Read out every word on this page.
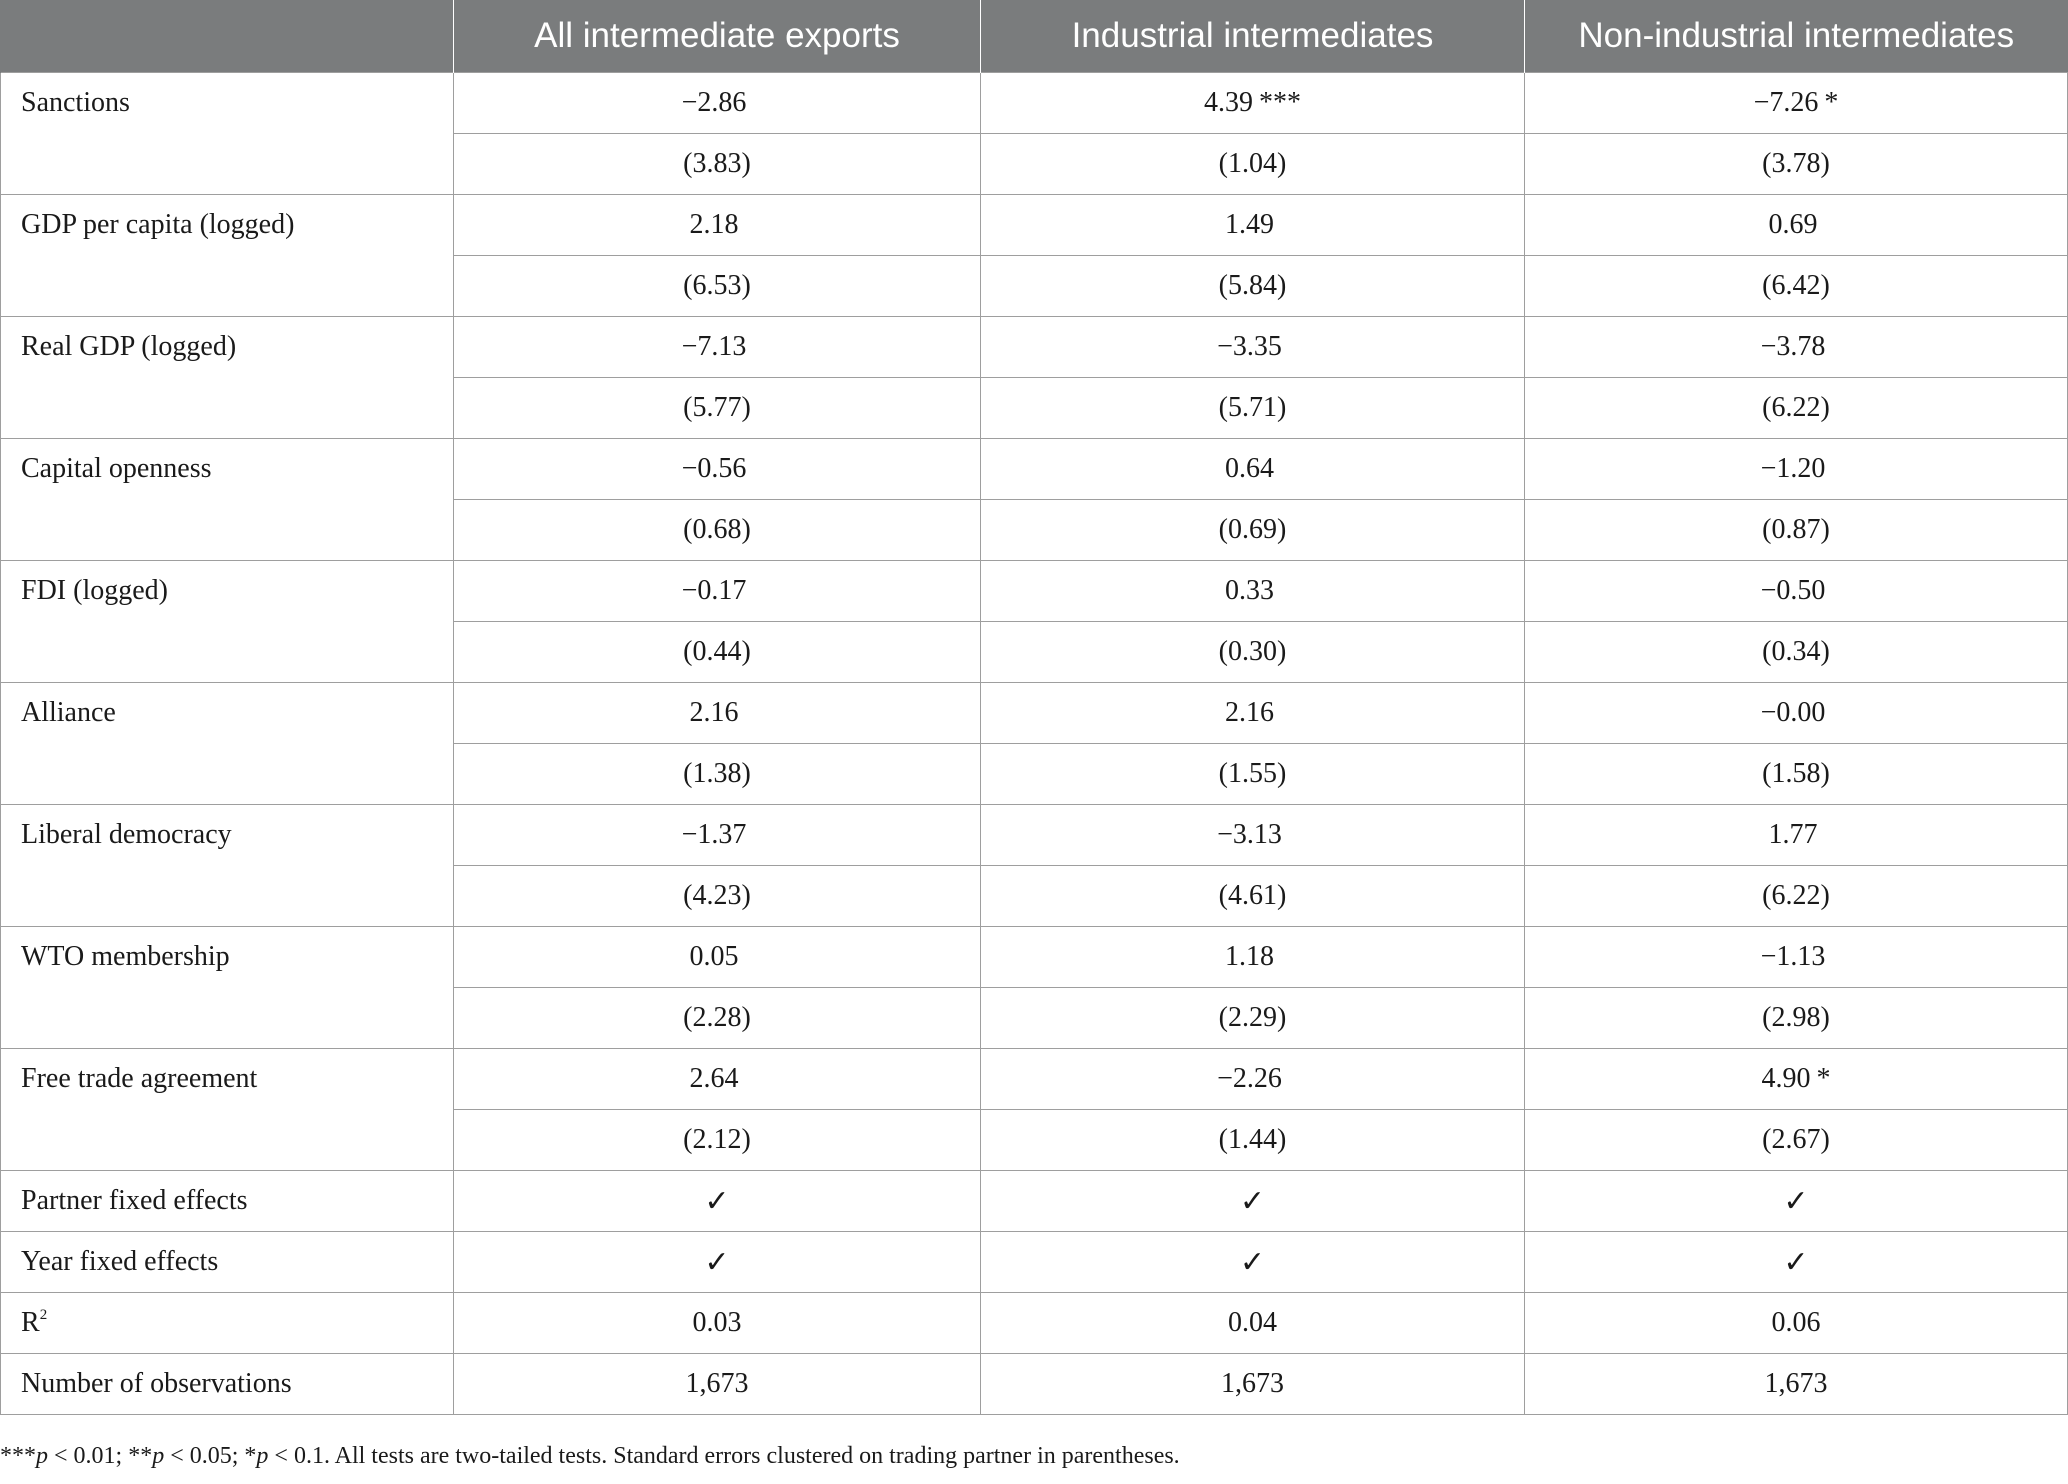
	All intermediate exports	Industrial intermediates	Non-industrial intermediates
Sanctions	−2.86	4.39 ***	−7.26 *
	(3.83)	(1.04)	(3.78)
GDP per capita (logged)	2.18	1.49	0.69
	(6.53)	(5.84)	(6.42)
Real GDP (logged)	−7.13	−3.35	−3.78
	(5.77)	(5.71)	(6.22)
Capital openness	−0.56	0.64	−1.20
	(0.68)	(0.69)	(0.87)
FDI (logged)	−0.17	0.33	−0.50
	(0.44)	(0.30)	(0.34)
Alliance	2.16	2.16	−0.00
	(1.38)	(1.55)	(1.58)
Liberal democracy	−1.37	−3.13	1.77
	(4.23)	(4.61)	(6.22)
WTO membership	0.05	1.18	−1.13
	(2.28)	(2.29)	(2.98)
Free trade agreement	2.64	−2.26	4.90 *
	(2.12)	(1.44)	(2.67)
Partner fixed effects	✓	✓	✓
Year fixed effects	✓	✓	✓
$R^2$	0.03	0.04	0.06
Number of observations	1,673	1,673	1,673
***p < 0.01; **p < 0.05; *p < 0.1. All tests are two-tailed tests. Standard errors clustered on trading partner in parentheses.
